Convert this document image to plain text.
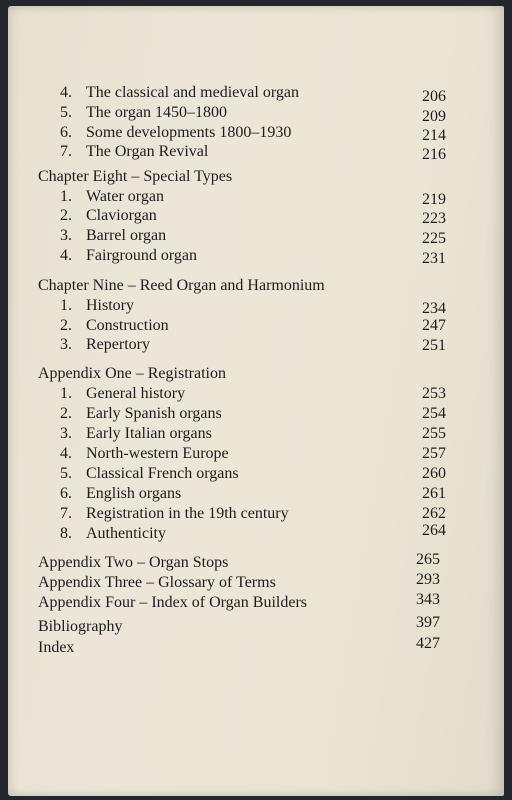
4. The classical and medieval organ	206
5. The organ 1450–1800	209
6. Some developments 1800–1930	214
7. The Organ Revival	216
Chapter Eight – Special Types
1. Water organ	219
2. Claviorgan	223
3. Barrel organ	225
4. Fairground organ	231
Chapter Nine – Reed Organ and Harmonium
1. History	234
2. Construction	247
3. Repertory	251
Appendix One – Registration
1. General history	253
2. Early Spanish organs	254
3. Early Italian organs	255
4. North-western Europe	257
5. Classical French organs	260
6. English organs	261
7. Registration in the 19th century	262
8. Authenticity	264
Appendix Two – Organ Stops	265
Appendix Three – Glossary of Terms	293
Appendix Four – Index of Organ Builders	343
Bibliography	397
Index	427
